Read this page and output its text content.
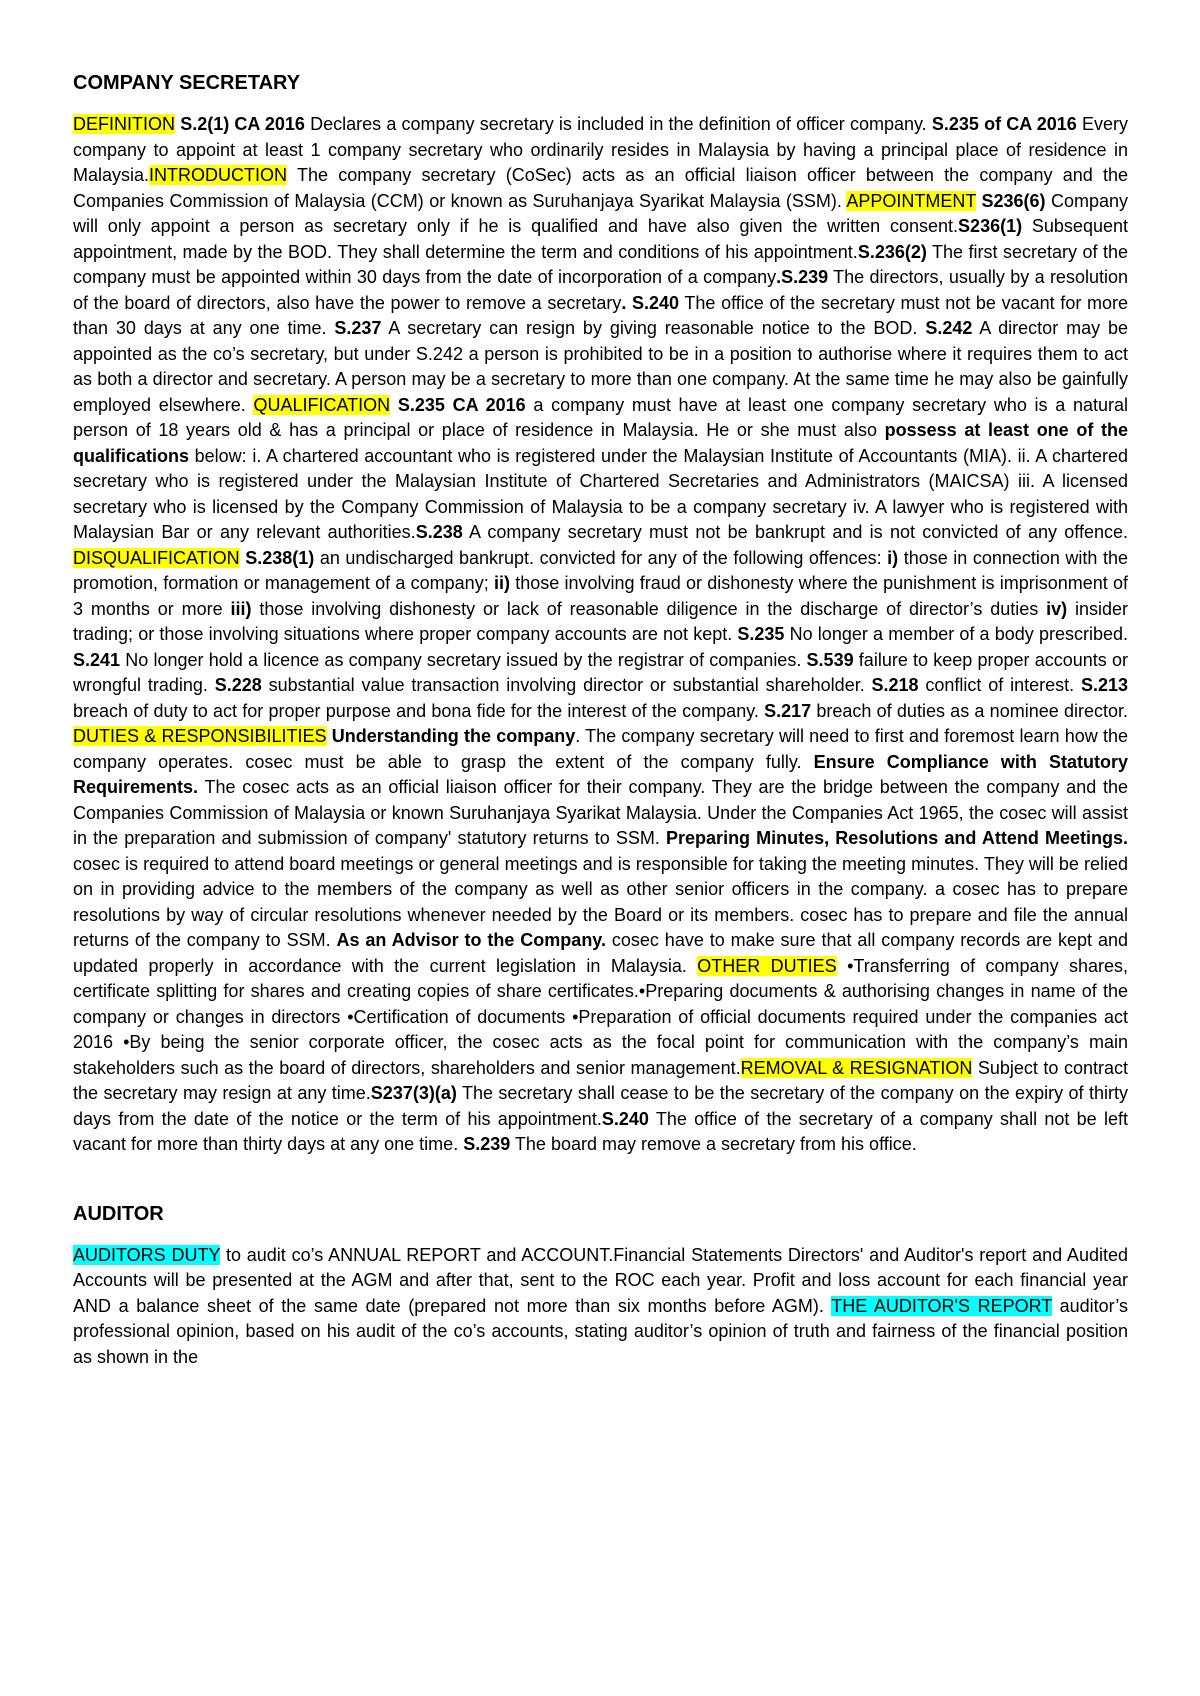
COMPANY SECRETARY

DEFINITION S.2(1) CA 2016 Declares a company secretary is included in the definition of officer company. S.235 of CA 2016 Every company to appoint at least 1 company secretary who ordinarily resides in Malaysia by having a principal place of residence in Malaysia.INTRODUCTION The company secretary (CoSec) acts as an official liaison officer between the company and the Companies Commission of Malaysia (CCM) or known as Suruhanjaya Syarikat Malaysia (SSM). APPOINTMENT S236(6) Company will only appoint a person as secretary only if he is qualified and have also given the written consent.S236(1) Subsequent appointment, made by the BOD. They shall determine the term and conditions of his appointment.S.236(2) The first secretary of the company must be appointed within 30 days from the date of incorporation of a company.S.239 The directors, usually by a resolution of the board of directors, also have the power to remove a secretary. S.240 The office of the secretary must not be vacant for more than 30 days at any one time. S.237 A secretary can resign by giving reasonable notice to the BOD. S.242 A director may be appointed as the co’s secretary, but under S.242 a person is prohibited to be in a position to authorise where it requires them to act as both a director and secretary. A person may be a secretary to more than one company. At the same time he may also be gainfully employed elsewhere. QUALIFICATION S.235 CA 2016 a company must have at least one company secretary who is a natural person of 18 years old & has a principal or place of residence in Malaysia. He or she must also possess at least one of the qualifications below: i. A chartered accountant who is registered under the Malaysian Institute of Accountants (MIA). ii. A chartered secretary who is registered under the Malaysian Institute of Chartered Secretaries and Administrators (MAICSA) iii. A licensed secretary who is licensed by the Company Commission of Malaysia to be a company secretary iv. A lawyer who is registered with Malaysian Bar or any relevant authorities.S.238 A company secretary must not be bankrupt and is not convicted of any offence. DISQUALIFICATION S.238(1) an undischarged bankrupt. convicted for any of the following offences: i) those in connection with the promotion, formation or management of a company; ii) those involving fraud or dishonesty where the punishment is imprisonment of 3 months or more iii) those involving dishonesty or lack of reasonable diligence in the discharge of director’s duties iv) insider trading; or those involving situations where proper company accounts are not kept. S.235 No longer a member of a body prescribed. S.241 No longer hold a licence as company secretary issued by the registrar of companies. S.539 failure to keep proper accounts or wrongful trading. S.228 substantial value transaction involving director or substantial shareholder. S.218 conflict of interest. S.213 breach of duty to act for proper purpose and bona fide for the interest of the company. S.217 breach of duties as a nominee director. DUTIES & RESPONSIBILITIES Understanding the company. The company secretary will need to first and foremost learn how the company operates. cosec must be able to grasp the extent of the company fully. Ensure Compliance with Statutory Requirements. The cosec acts as an official liaison officer for their company. They are the bridge between the company and the Companies Commission of Malaysia or known Suruhanjaya Syarikat Malaysia. Under the Companies Act 1965, the cosec will assist in the preparation and submission of company' statutory returns to SSM. Preparing Minutes, Resolutions and Attend Meetings. cosec is required to attend board meetings or general meetings and is responsible for taking the meeting minutes. They will be relied on in providing advice to the members of the company as well as other senior officers in the company. a cosec has to prepare resolutions by way of circular resolutions whenever needed by the Board or its members. cosec has to prepare and file the annual returns of the company to SSM. As an Advisor to the Company. cosec have to make sure that all company records are kept and updated properly in accordance with the current legislation in Malaysia. OTHER DUTIES •Transferring of company shares, certificate splitting for shares and creating copies of share certificates.•Preparing documents & authorising changes in name of the company or changes in directors •Certification of documents •Preparation of official documents required under the companies act 2016 •By being the senior corporate officer, the cosec acts as the focal point for communication with the company’s main stakeholders such as the board of directors, shareholders and senior management.REMOVAL & RESIGNATION Subject to contract the secretary may resign at any time.S237(3)(a) The secretary shall cease to be the secretary of the company on the expiry of thirty days from the date of the notice or the term of his appointment.S.240 The office of the secretary of a company shall not be left vacant for more than thirty days at any one time. S.239 The board may remove a secretary from his office.

AUDITOR

AUDITORS DUTY to audit co’s ANNUAL REPORT and ACCOUNT.Financial Statements Directors' and Auditor's report and Audited Accounts will be presented at the AGM and after that, sent to the ROC each year. Profit and loss account for each financial year AND a balance sheet of the same date (prepared not more than six months before AGM). THE AUDITOR'S REPORT auditor’s professional opinion, based on his audit of the co’s accounts, stating auditor’s opinion of truth and fairness of the financial position as shown in the
